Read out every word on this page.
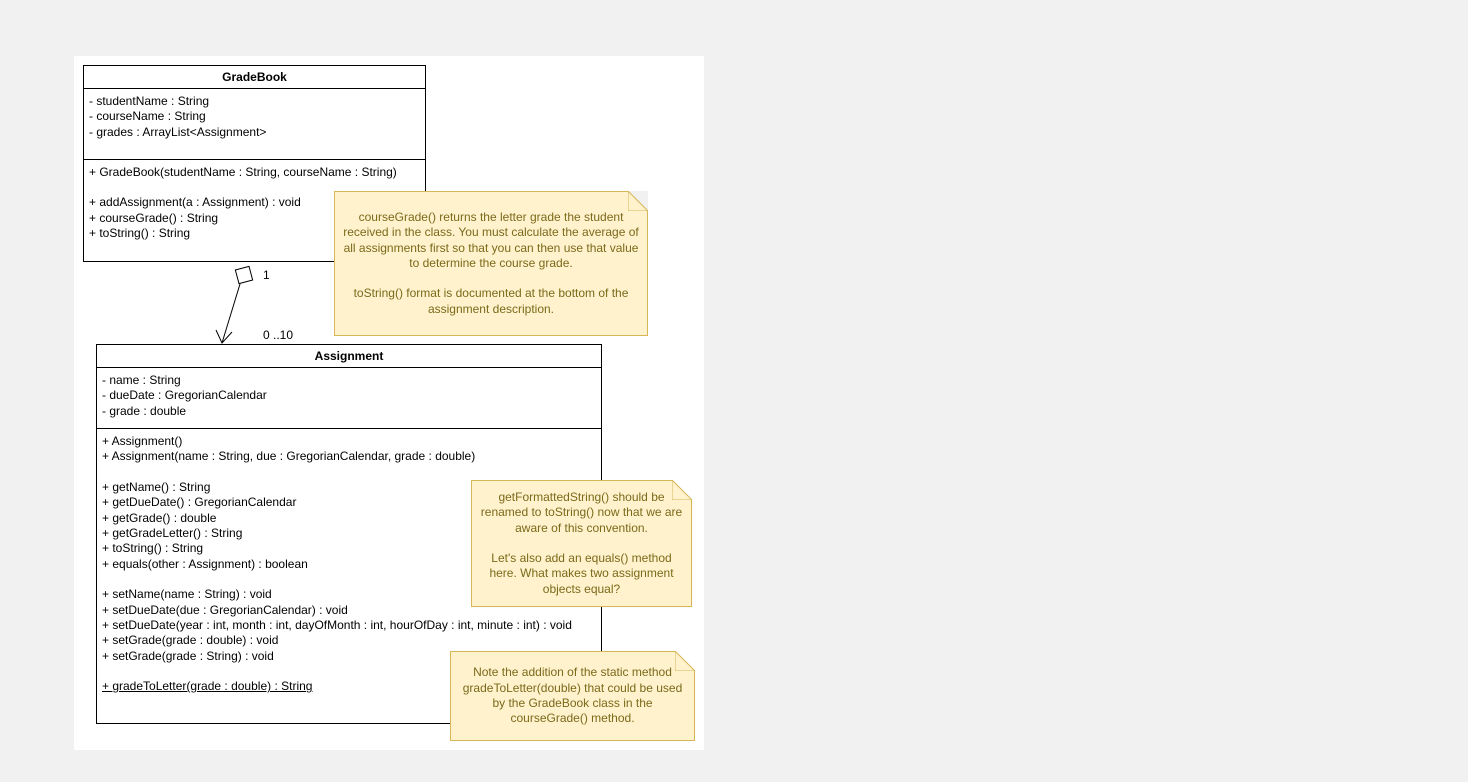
1
0 ..10
GradeBook
- studentName : String
- courseName : String
- grades : ArrayList<Assignment>
+ GradeBook(studentName : String, courseName : String)
+ addAssignment(a : Assignment) : void
+ courseGrade() : String
+ toString() : String
Assignment
- name : String
- dueDate : GregorianCalendar
- grade : double
+ Assignment()
+ Assignment(name : String, due : GregorianCalendar, grade : double)
+ getName() : String
+ getDueDate() : GregorianCalendar
+ getGrade() : double
+ getGradeLetter() : String
+ toString() : String
+ equals(other : Assignment) : boolean
+ setName(name : String) : void
+ setDueDate(due : GregorianCalendar) : void
+ setDueDate(year : int, month : int, dayOfMonth : int, hourOfDay : int, minute : int) : void
+ setGrade(grade : double) : void
+ setGrade(grade : String) : void
+ gradeToLetter(grade : double) : String

courseGrade() returns the letter grade the student received in the class. You must calculate the average of all assignments first so that you can then use that value to determine the course grade.

toString() format is documented at the bottom of the assignment description.

getFormattedString() should be renamed to toString() now that we are aware of this convention.

Let's also add an equals() method here. What makes two assignment objects equal?

Note the addition of the static method gradeToLetter(double) that could be used by the GradeBook class in the courseGrade() method.
